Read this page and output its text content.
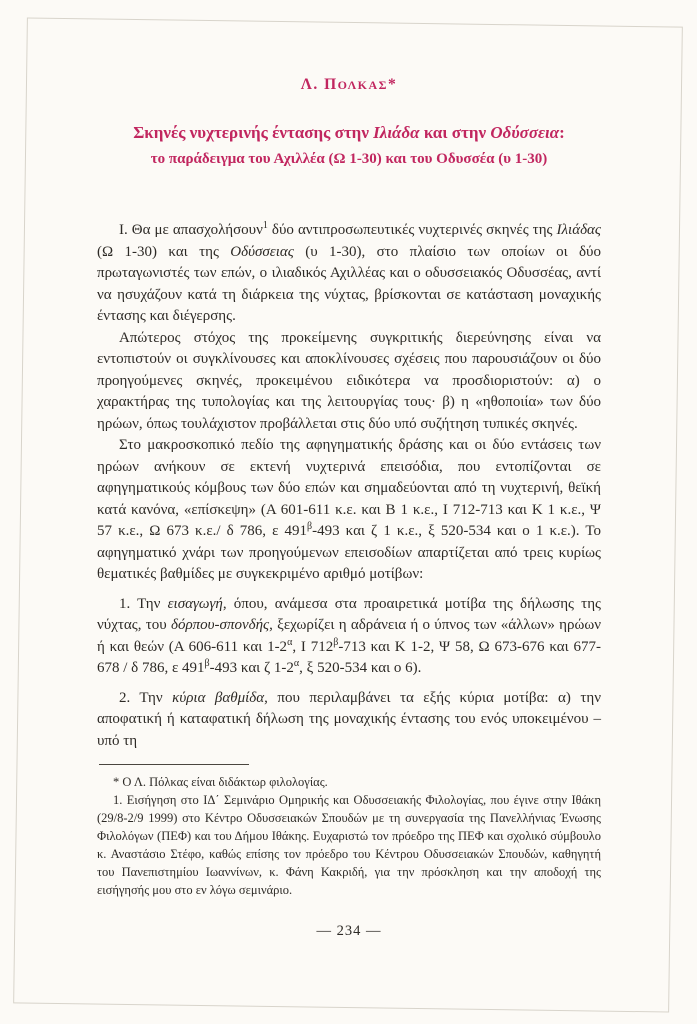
Λ. ΠΟΛΚΑΣ*
Σκηνές νυχτερινής έντασης στην Ιλιάδα και στην Οδύσσεια:
το παράδειγμα του Αχιλλέα (Ω 1-30) και του Οδυσσέα (υ 1-30)

Ι. Θα με απασχολήσουν$^1$ δύο αντιπροσωπευτικές νυχτερινές σκηνές της Ιλιάδας (Ω 1-30) και της Οδύσσειας (υ 1-30), στο πλαίσιο των οποίων οι δύο πρωταγωνιστές των επών, ο ιλιαδικός Αχιλλέας και ο οδυσσειακός Οδυσσέας, αντί να ησυχάζουν κατά τη διάρκεια της νύχτας, βρίσκονται σε κατάσταση μοναχικής έντασης και διέγερσης.

Απώτερος στόχος της προκείμενης συγκριτικής διερεύνησης είναι να εντοπιστούν οι συγκλίνουσες και αποκλίνουσες σχέσεις που παρουσιάζουν οι δύο προηγούμενες σκηνές, προκειμένου ειδικότερα να προσδιοριστούν: α) ο χαρακτήρας της τυπολογίας και της λειτουργίας τους· β) η «ηθοποιία» των δύο ηρώων, όπως τουλάχιστον προβάλλεται στις δύο υπό συζήτηση τυπικές σκηνές.

Στο μακροσκοπικό πεδίο της αφηγηματικής δράσης και οι δύο εντάσεις των ηρώων ανήκουν σε εκτενή νυχτερινά επεισόδια, που εντοπίζονται σε αφηγηματικούς κόμβους των δύο επών και σημαδεύονται από τη νυχτερινή, θεϊκή κατά κανόνα, «επίσκεψη» (Α 601-611 κ.ε. και Β 1 κ.ε., Ι 712-713 και Κ 1 κ.ε., Ψ 57 κ.ε., Ω 673 κ.ε./ δ 786, ε $491^\beta-493$ και ζ 1 κ.ε., ξ 520-534 και ο 1 κ.ε.). Το αφηγηματικό χνάρι των προηγούμενων επεισοδίων απαρτίζεται από τρεις κυρίως θεματικές βαθμίδες με συγκεκριμένο αριθμό μοτίβων:

1. Την εισαγωγή, όπου, ανάμεσα στα προαιρετικά μοτίβα της δήλωσης της νύχτας, του δόρπου-σπονδής, ξεχωρίζει η αδράνεια ή ο ύπνος των «άλλων» ηρώων ή και θεών (Α 606-611 και $1-2^\alpha$, Ι $712^\beta-713$ και Κ 1-2, Ψ 58, Ω 673-676 και 677-678 / δ 786, ε $491^\beta-493$ και ζ $1-2^\alpha$, ξ 520-534 και ο 6).

2. Την κύρια βαθμίδα, που περιλαμβάνει τα εξής κύρια μοτίβα: α) την αποφατική ή καταφατική δήλωση της μοναχικής έντασης του ενός υποκειμένου – υπό τη

* Ο Λ. Πόλκας είναι διδάκτωρ φιλολογίας.

1. Εισήγηση στο ΙΔ΄ Σεμινάριο Ομηρικής και Οδυσσειακής Φιλολογίας, που έγινε στην Ιθάκη (29/8-2/9 1999) στο Κέντρο Οδυσσειακών Σπουδών με τη συνεργασία της Πανελλήνιας Ένωσης Φιλολόγων (ΠΕΦ) και του Δήμου Ιθάκης. Ευχαριστώ τον πρόεδρο της ΠΕΦ και σχολικό σύμβουλο κ. Αναστάσιο Στέφο, καθώς επίσης τον πρόεδρο του Κέντρου Οδυσσειακών Σπουδών, καθηγητή του Πανεπιστημίου Ιωαννίνων, κ. Φάνη Κακριδή, για την πρόσκληση και την αποδοχή της εισήγησής μου στο εν λόγω σεμινάριο.

— 234 —
